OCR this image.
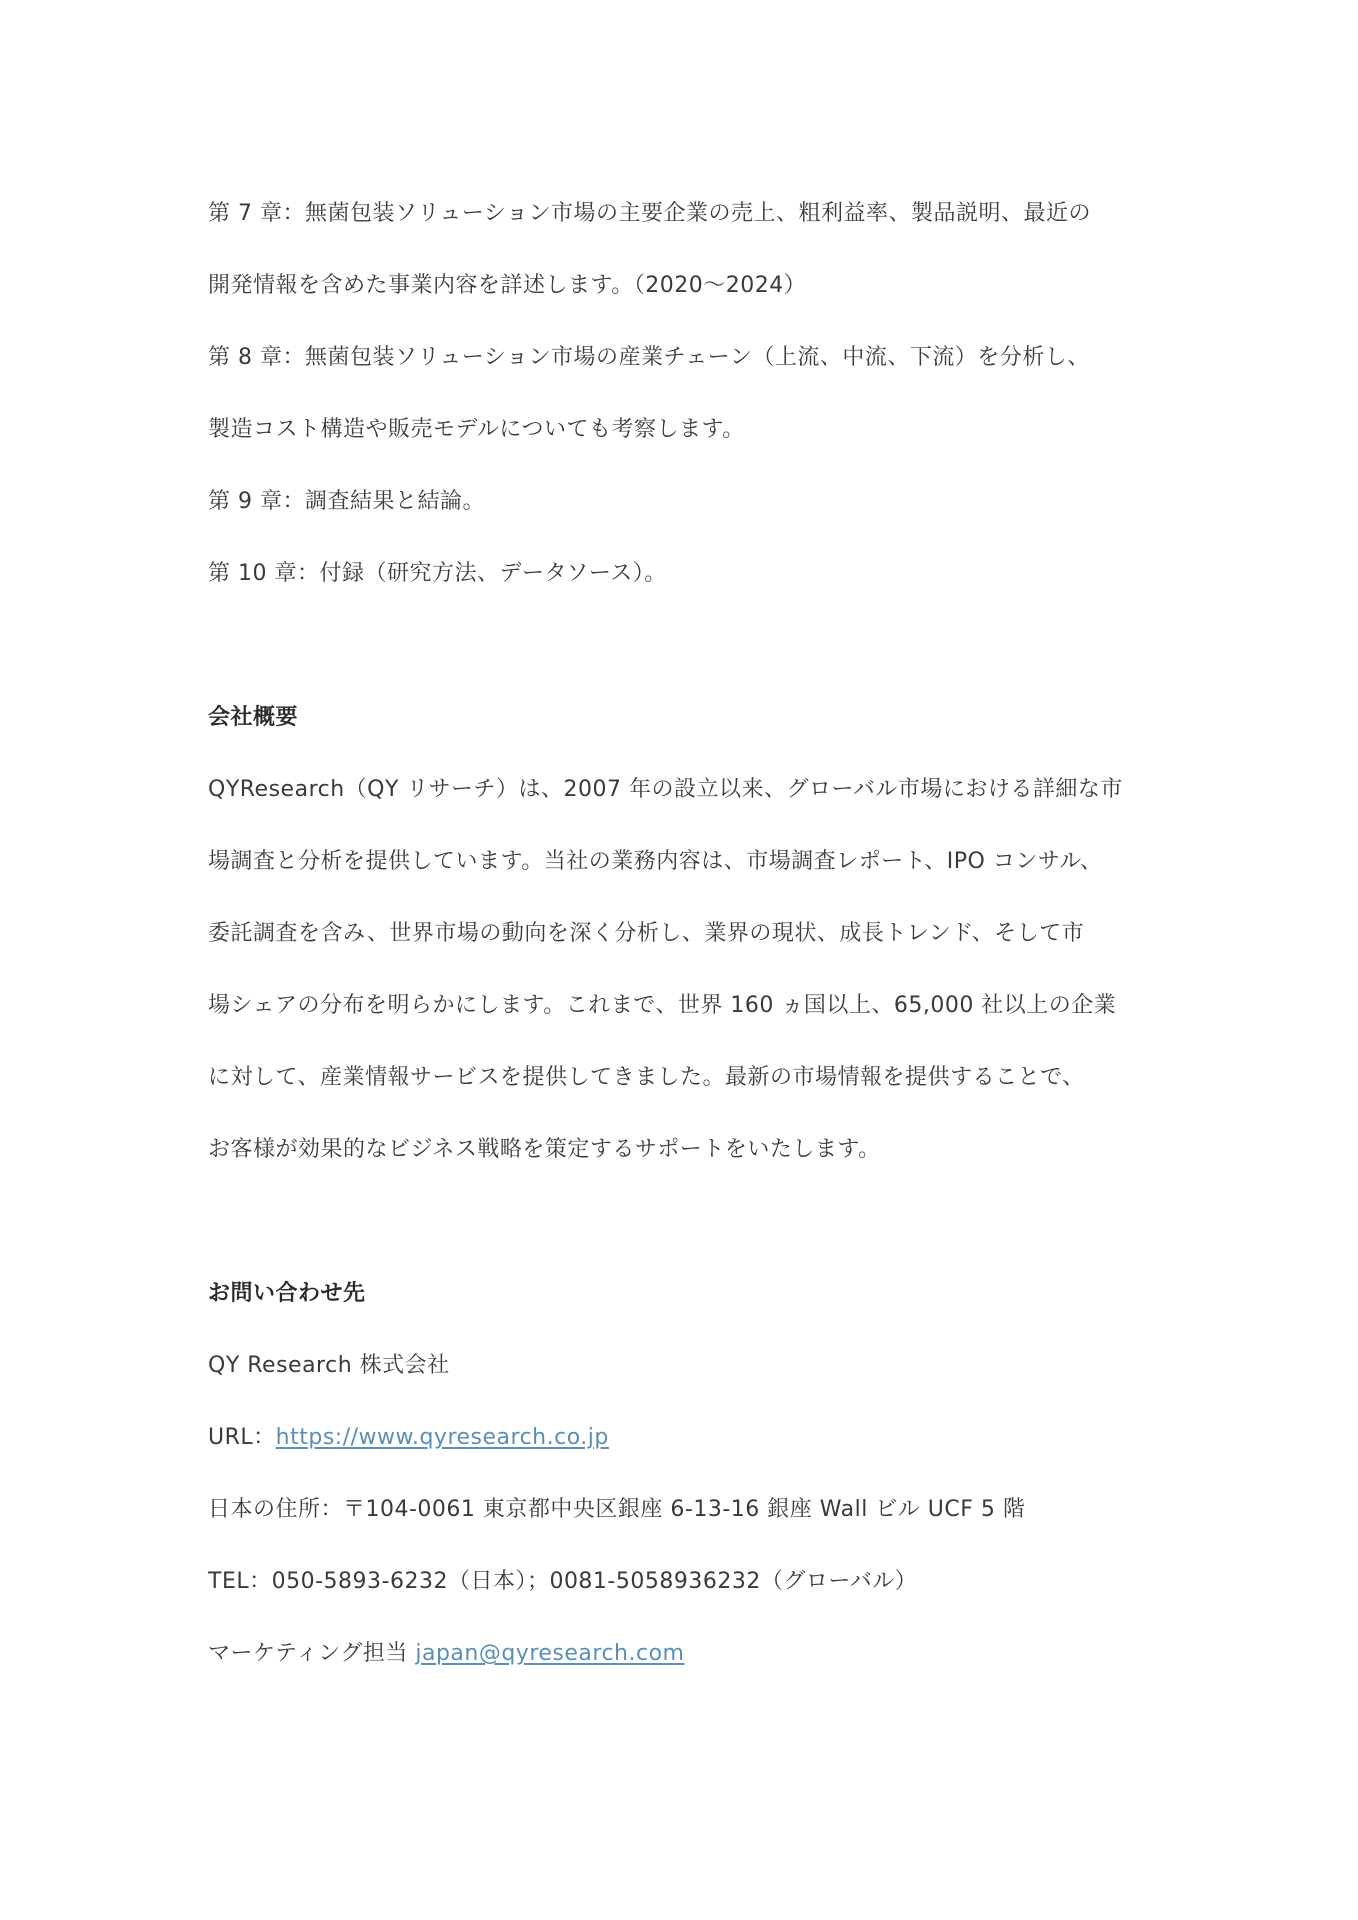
第 7 章：無菌包装ソリューション市場の主要企業の売上、粗利益率、製品説明、最近の
開発情報を含めた事業内容を詳述します。（2020～2024）
第 8 章：無菌包装ソリューション市場の産業チェーン（上流、中流、下流）を分析し、
製造コスト構造や販売モデルについても考察します。
第 9 章：調査結果と結論。
第 10 章：付録（研究方法、データソース）。
会社概要
QYResearch（QY リサーチ）は、2007 年の設立以来、グローバル市場における詳細な市
場調査と分析を提供しています。当社の業務内容は、市場調査レポート、IPO コンサル、
委託調査を含み、世界市場の動向を深く分析し、業界の現状、成長トレンド、そして市
場シェアの分布を明らかにします。これまで、世界 160 ヵ国以上、65,000 社以上の企業
に対して、産業情報サービスを提供してきました。最新の市場情報を提供することで、
お客様が効果的なビジネス戦略を策定するサポートをいたします。
お問い合わせ先
QY Research 株式会社
URL：https://www.qyresearch.co.jp
日本の住所：〒104-0061 東京都中央区銀座 6-13-16 銀座 Wall ビル UCF 5 階
TEL：050-5893-6232（日本）；0081-5058936232（グローバル）
マーケティング担当 japan@qyresearch.com
